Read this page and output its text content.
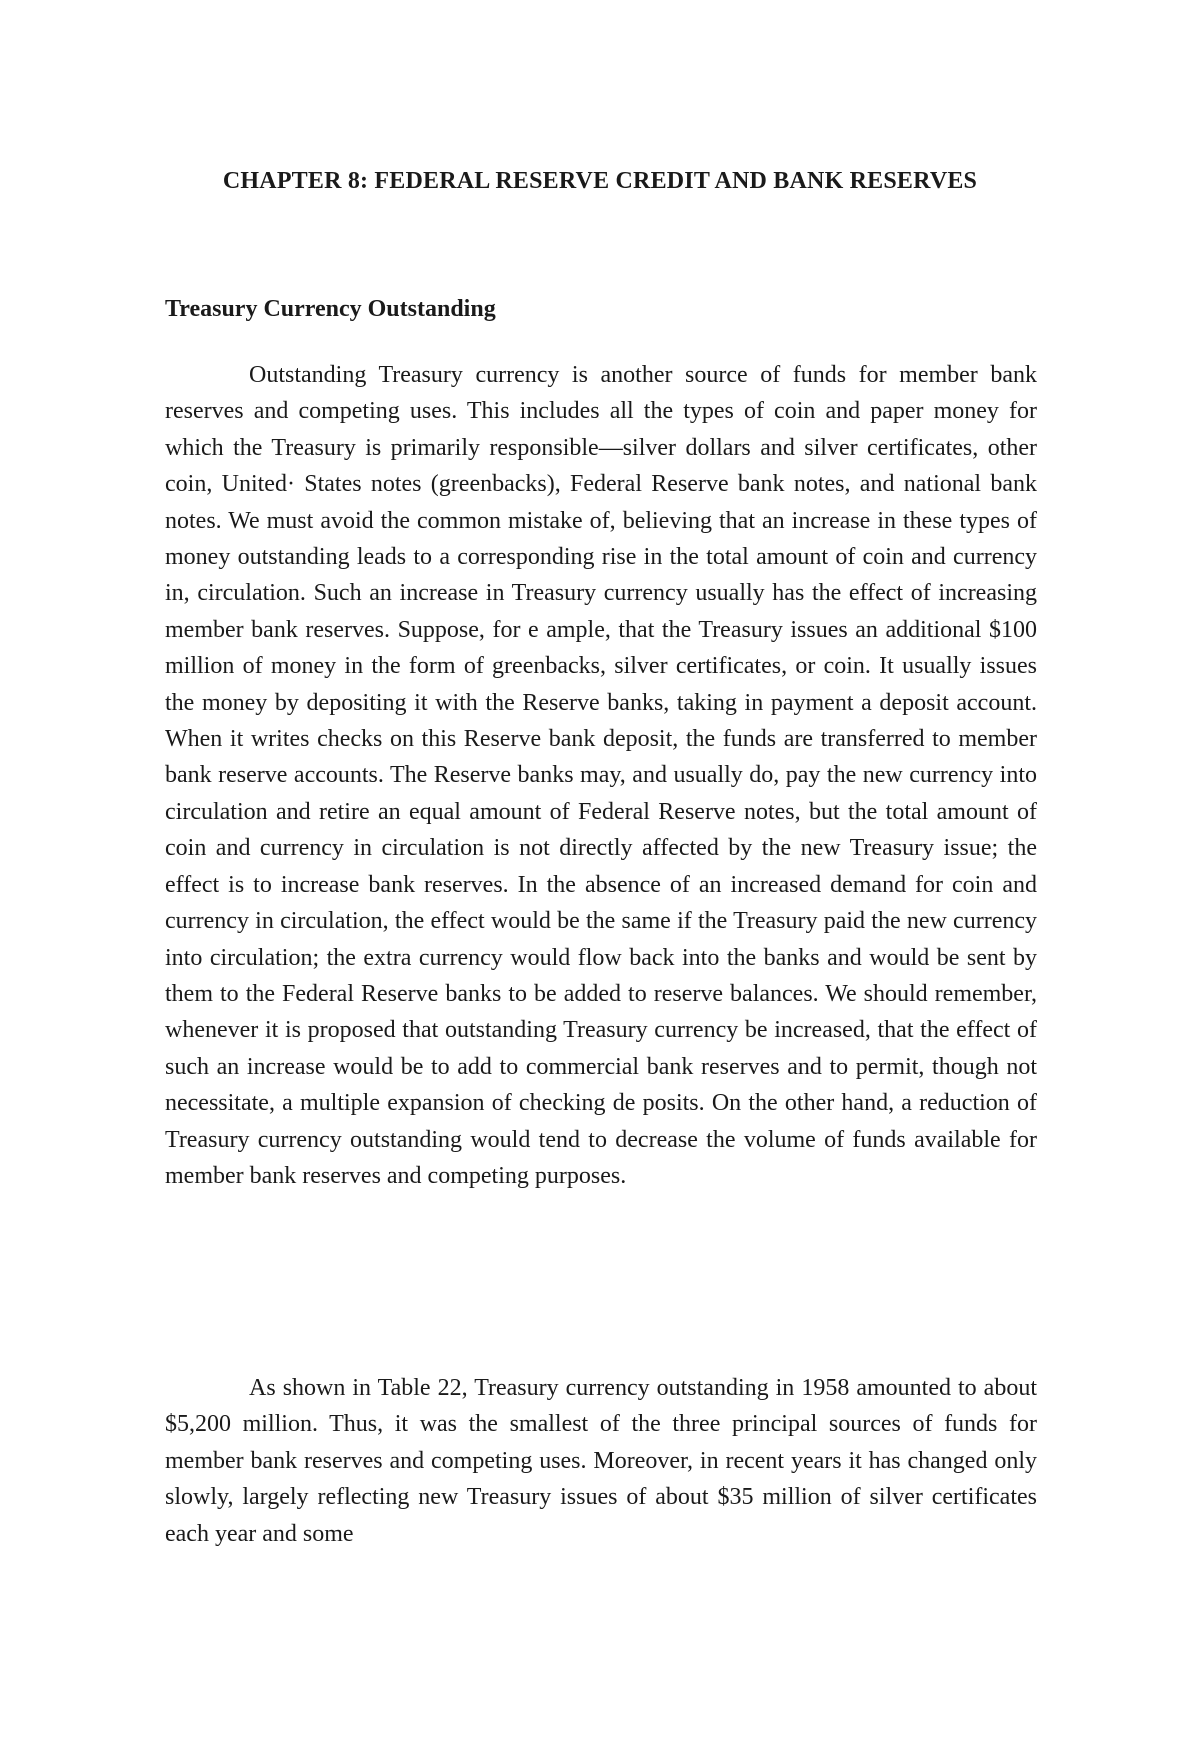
CHAPTER 8: FEDERAL RESERVE CREDIT AND BANK RESERVES
Treasury Currency Outstanding

Outstanding Treasury currency is another source of funds for member bank reserves and competing uses. This includes all the types of coin and paper money for which the Treasury is primarily responsible—silver dollars and silver certificates, other coin, United· States notes (greenbacks), Federal Reserve bank notes, and national bank notes. We must avoid the common mistake of, believing that an increase in these types of money outstanding leads to a corresponding rise in the total amount of coin and currency in, circulation. Such an increase in Treasury currency usually has the effect of increasing member bank reserves. Suppose, for e ample, that the Treasury issues an additional $100 million of money in the form of greenbacks, silver certificates, or coin. It usually issues the money by depositing it with the Reserve banks, taking in payment a deposit account. When it writes checks on this Reserve bank deposit, the funds are transferred to member bank reserve accounts. The Reserve banks may, and usually do, pay the new currency into circulation and retire an equal amount of Federal Reserve notes, but the total amount of coin and currency in circulation is not directly affected by the new Treasury issue; the effect is to increase bank reserves. In the absence of an increased demand for coin and currency in circulation, the effect would be the same if the Treasury paid the new currency into circulation; the extra currency would flow back into the banks and would be sent by them to the Federal Reserve banks to be added to reserve balances. We should remember, whenever it is proposed that outstanding Treasury currency be increased, that the effect of such an increase would be to add to commercial bank reserves and to permit, though not necessitate, a multiple expansion of checking de posits. On the other hand, a reduction of Treasury currency outstanding would tend to decrease the volume of funds available for member bank reserves and competing purposes.

As shown in Table 22, Treasury currency outstanding in 1958 amounted to about $5,200 million. Thus, it was the smallest of the three principal sources of funds for member bank reserves and competing uses. Moreover, in recent years it has changed only slowly, largely reflecting new Treasury issues of about $35 million of silver certificates each year and some
